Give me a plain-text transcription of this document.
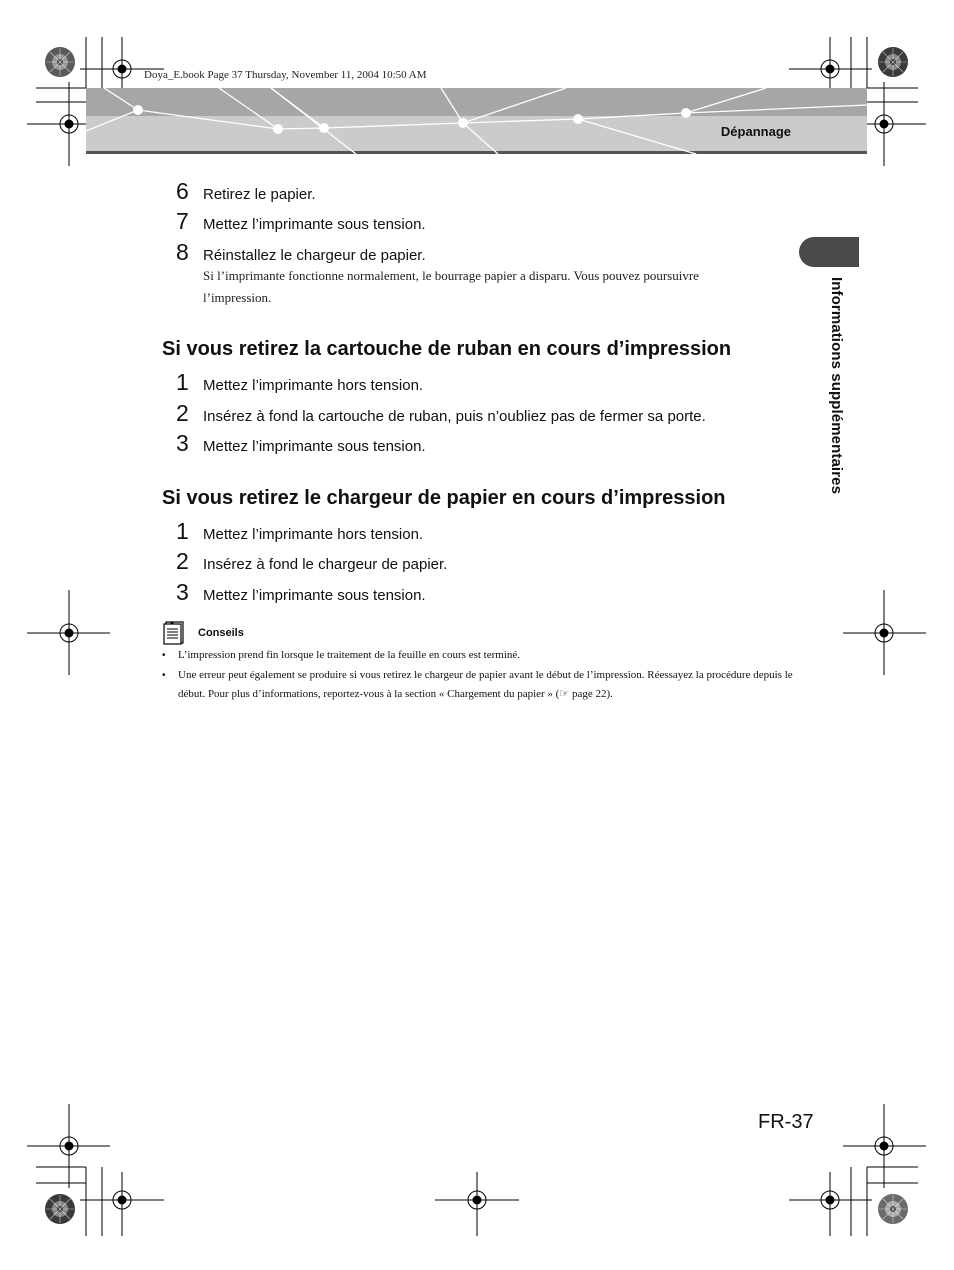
Doya_E.book Page 37 Thursday, November 11, 2004 10:50 AM
Dépannage
Informations supplémentaires
6 Retirez le papier.
7 Mettez l’imprimante sous tension.
8 Réinstallez le chargeur de papier.
Si l’imprimante fonctionne normalement, le bourrage papier a disparu. Vous pouvez poursuivre l’impression.
Si vous retirez la cartouche de ruban en cours d’impression
1 Mettez l’imprimante hors tension.
2 Insérez à fond la cartouche de ruban, puis n’oubliez pas de fermer sa porte.
3 Mettez l’imprimante sous tension.
Si vous retirez le chargeur de papier en cours d’impression
1 Mettez l’imprimante hors tension.
2 Insérez à fond le chargeur de papier.
3 Mettez l’imprimante sous tension.
Conseils
• L’impression prend fin lorsque le traitement de la feuille en cours est terminé.
• Une erreur peut également se produire si vous retirez le chargeur de papier avant le début de l’impression. Réessayez la procédure depuis le début. Pour plus d’informations, reportez-vous à la section « Chargement du papier » (☞ page 22).
FR-37
